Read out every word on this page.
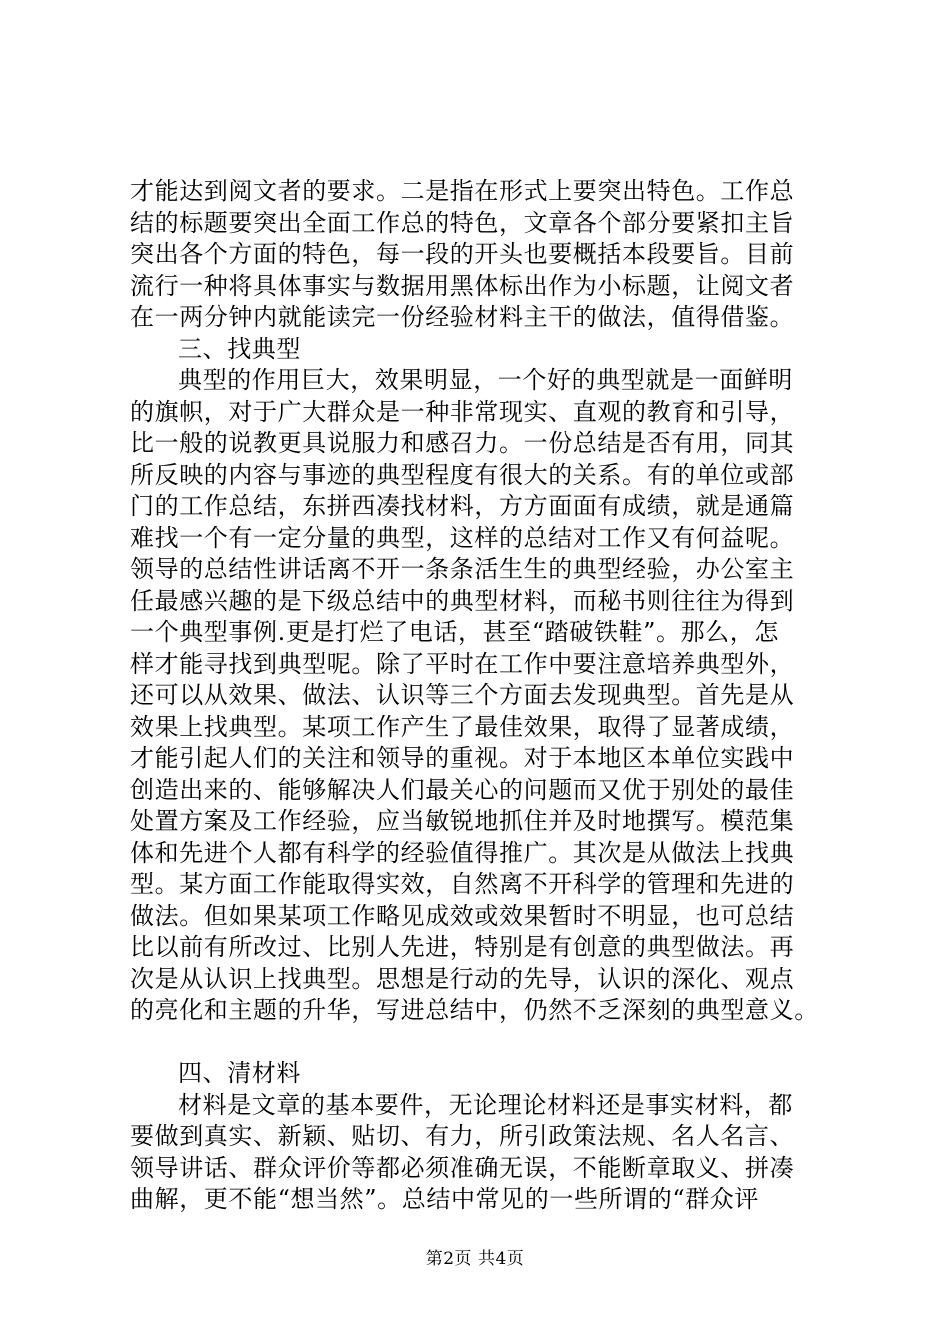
才能达到阅文者的要求。二是指在形式上要突出特色。工作总
结的标题要突出全面工作总的特色，文章各个部分要紧扣主旨
突出各个方面的特色，每一段的开头也要概括本段要旨。目前
流行一种将具体事实与数据用黑体标出作为小标题，让阅文者
在一两分钟内就能读完一份经验材料主干的做法，值得借鉴。
三、找典型
典型的作用巨大，效果明显，一个好的典型就是一面鲜明
的旗帜，对于广大群众是一种非常现实、直观的教育和引导，
比一般的说教更具说服力和感召力。一份总结是否有用，同其
所反映的内容与事迹的典型程度有很大的关系。有的单位或部
门的工作总结，东拼西凑找材料，方方面面有成绩，就是通篇
难找一个有一定分量的典型，这样的总结对工作又有何益呢。
领导的总结性讲话离不开一条条活生生的典型经验，办公室主
任最感兴趣的是下级总结中的典型材料，而秘书则往往为得到
一个典型事例.更是打烂了电话，甚至“踏破铁鞋”。那么，怎
样才能寻找到典型呢。除了平时在工作中要注意培养典型外，
还可以从效果、做法、认识等三个方面去发现典型。首先是从
效果上找典型。某项工作产生了最佳效果，取得了显著成绩，
才能引起人们的关注和领导的重视。对于本地区本单位实践中
创造出来的、能够解决人们最关心的问题而又优于别处的最佳
处置方案及工作经验，应当敏锐地抓住并及时地撰写。模范集
体和先进个人都有科学的经验值得推广。其次是从做法上找典
型。某方面工作能取得实效，自然离不开科学的管理和先进的
做法。但如果某项工作略见成效或效果暂时不明显，也可总结
比以前有所改过、比别人先进，特别是有创意的典型做法。再
次是从认识上找典型。思想是行动的先导，认识的深化、观点
的亮化和主题的升华，写进总结中，仍然不乏深刻的典型意义。
四、清材料
材料是文章的基本要件，无论理论材料还是事实材料，都
要做到真实、新颖、贴切、有力，所引政策法规、名人名言、
领导讲话、群众评价等都必须准确无误，不能断章取义、拼凑
曲解，更不能“想当然”。总结中常见的一些所谓的“群众评
第2页 共4页
